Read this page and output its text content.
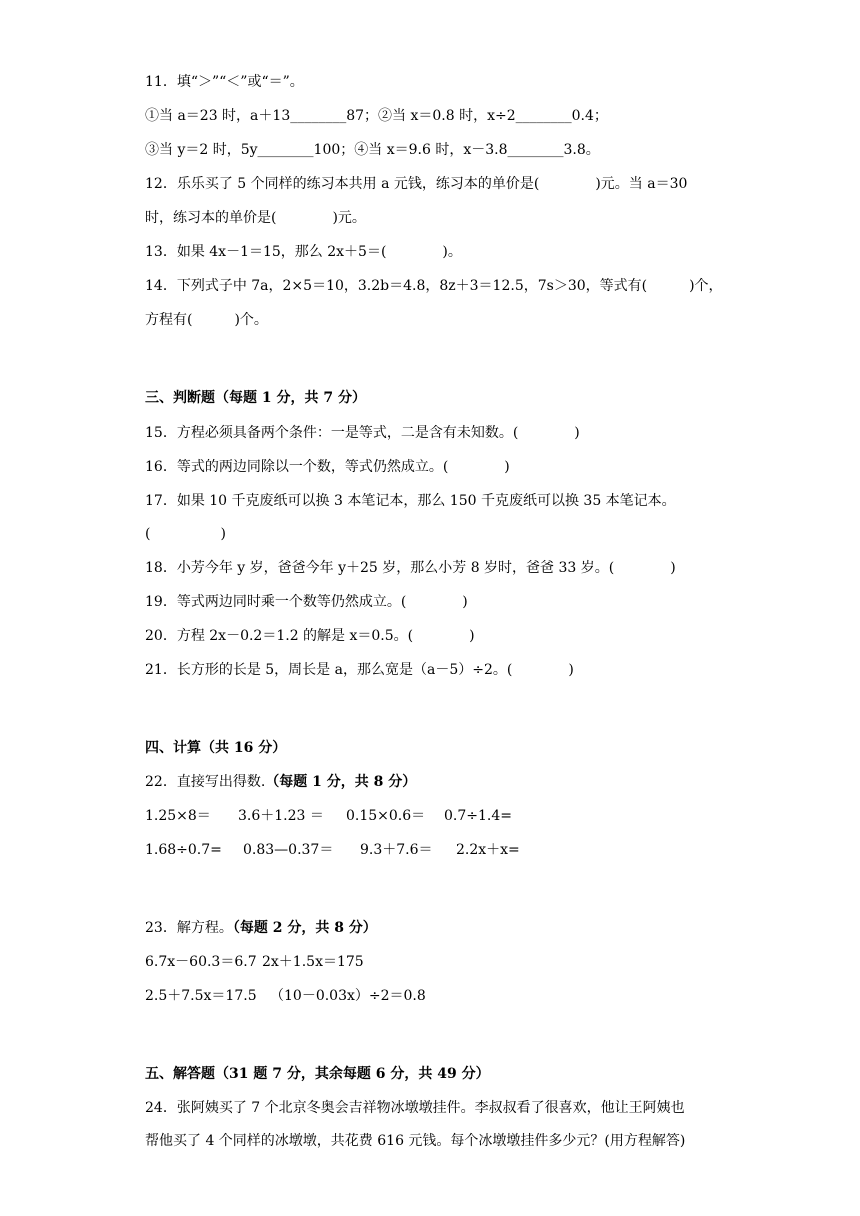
11．填“＞”“＜”或“＝”。
①当 a＝23 时，a＋13________87；②当 x＝0.8 时，x÷2________0.4；
③当 y＝2 时，5y________100；④当 x＝9.6 时，x－3.8________3.8。
12．乐乐买了 5 个同样的练习本共用 a 元钱，练习本的单价是(　　　　)元。当 a＝30
时，练习本的单价是(　　　　)元。
13．如果 4x－1＝15，那么 2x＋5＝(　　　　)。
14．下列式子中 7a，2×5＝10，3.2b＝4.8，8z＋3＝12.5，7s＞30，等式有(　　　)个，
方程有(　　　)个。
三、判断题（每题 1 分，共 7 分）
15．方程必须具备两个条件：一是等式，二是含有未知数。(　　　　)
16．等式的两边同除以一个数，等式仍然成立。(　　　　)
17．如果 10 千克废纸可以换 3 本笔记本，那么 150 千克废纸可以换 35 本笔记本。
(　　　　　)
18．小芳今年 y 岁，爸爸今年 y＋25 岁，那么小芳 8 岁时，爸爸 33 岁。(　　　　)
19．等式两边同时乘一个数等仍然成立。(　　　　)
20．方程 2x－0.2＝1.2 的解是 x＝0.5。(　　　　)
21．长方形的长是 5，周长是 a，那么宽是（a－5）÷2。(　　　　)
四、计算（共 16 分）
22．直接写出得数.（每题 1 分，共 8 分）
1.25×8＝ 3.6＋1.23 ＝ 0.15×0.6＝ 0.7÷1.4=
1.68÷0.7= 0.83—0.37＝ 9.3＋7.6＝ 2.2x＋x=
23．解方程。（每题 2 分，共 8 分）
6.7x－60.3＝6.7 2x＋1.5x＝175
2.5＋7.5x＝17.5 （10－0.03x）÷2＝0.8
五、解答题（31 题 7 分，其余每题 6 分，共 49 分）
24．张阿姨买了 7 个北京冬奥会吉祥物冰墩墩挂件。李叔叔看了很喜欢，他让王阿姨也
帮他买了 4 个同样的冰墩墩，共花费 616 元钱。每个冰墩墩挂件多少元？(用方程解答)
